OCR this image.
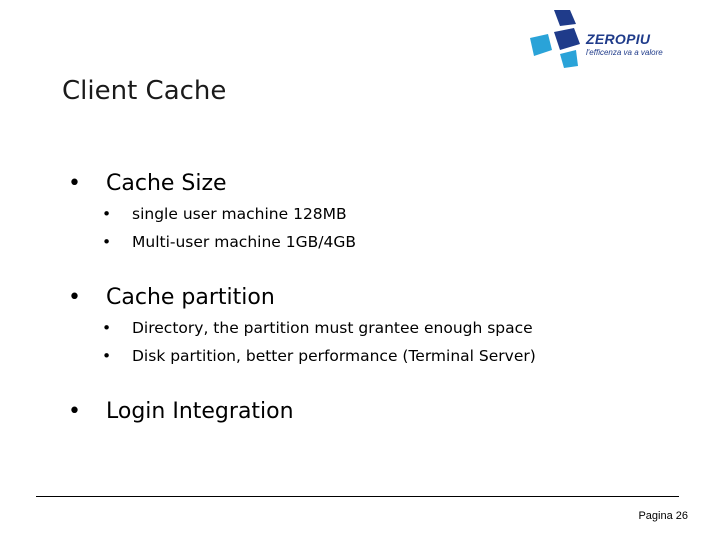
ZEROPIU
l'efficenza va a valore
Client Cache
• Cache Size
• single user machine 128MB
• Multi-user machine 1GB/4GB
• Cache partition
• Directory, the partition must grantee enough space
• Disk partition, better performance (Terminal Server)
• Login Integration
Pagina 26
